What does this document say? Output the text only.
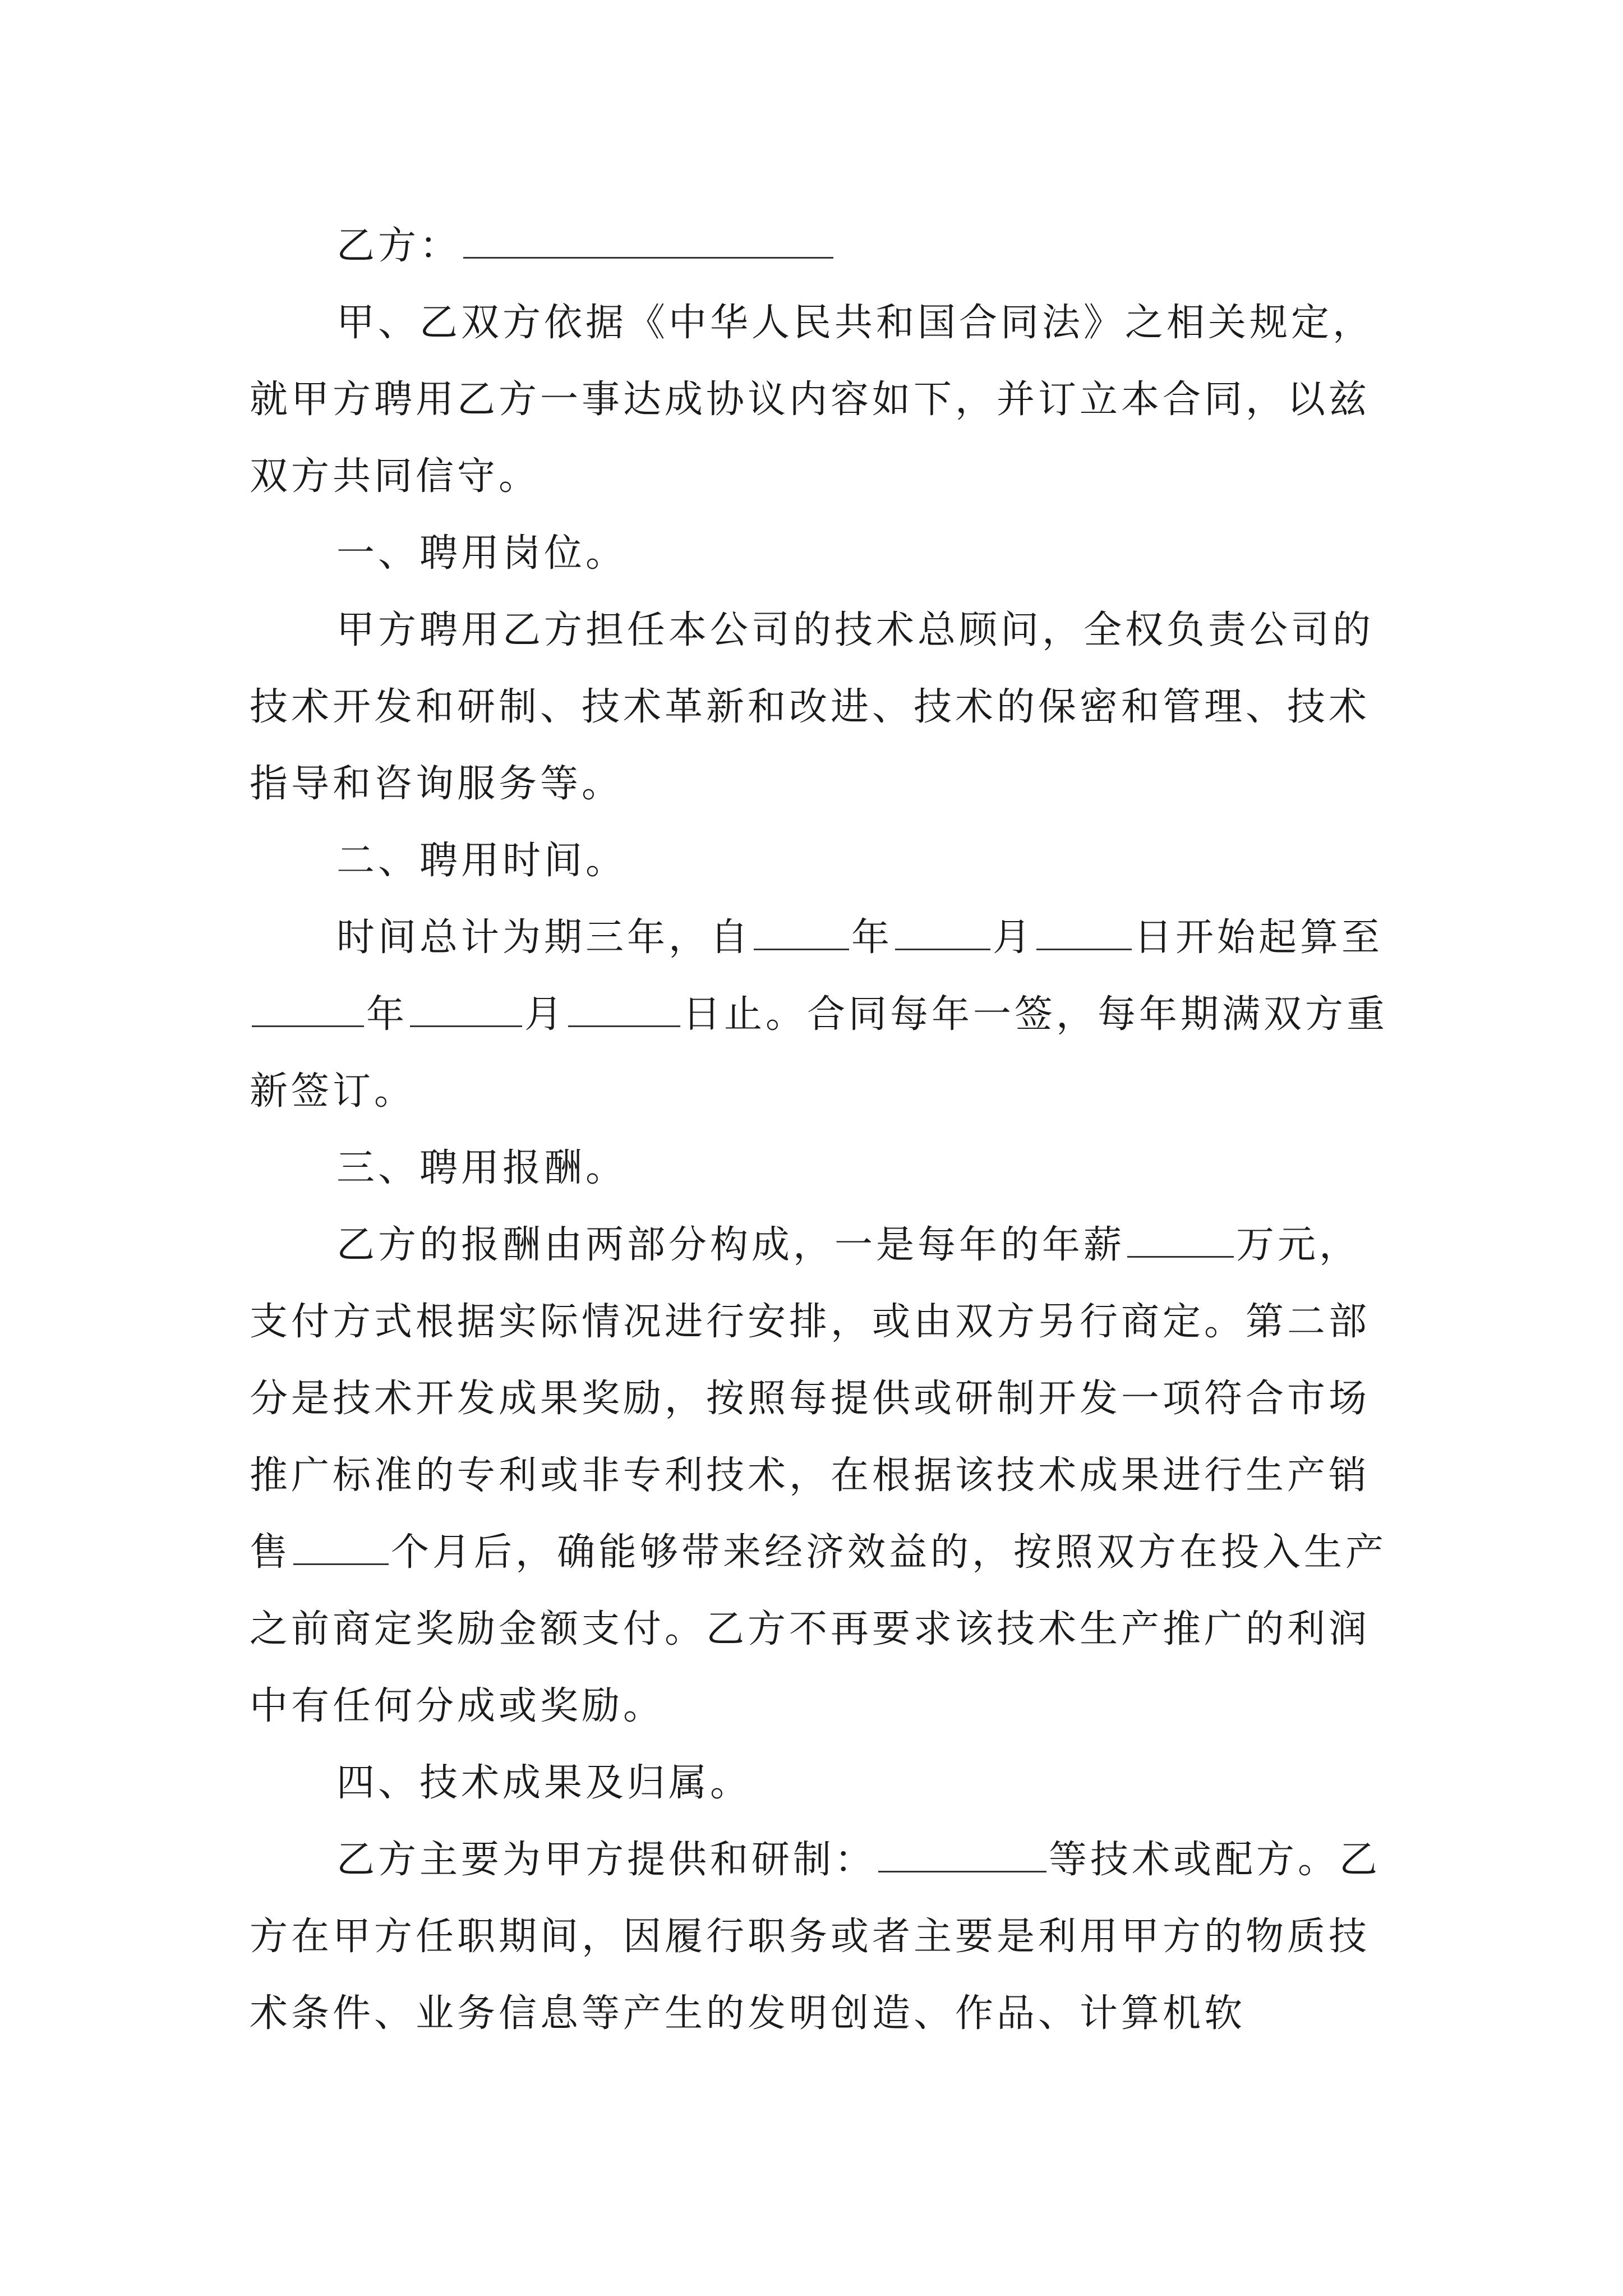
乙方：

甲、乙双方依据《中华人民共和国合同法》之相关规定，就甲方聘用乙方一事达成协议内容如下，并订立本合同，以兹双方共同信守。

一、聘用岗位。

甲方聘用乙方担任本公司的技术总顾问，全权负责公司的技术开发和研制、技术革新和改进、技术的保密和管理、技术指导和咨询服务等。

二、聘用时间。

时间总计为期三年，自	年	月	日开始起算至年	月	日止。合同每年一签，每年期满双方重新签订。

三、聘用报酬。

乙方的报酬由两部分构成，一是每年的年薪	万元，支付方式根据实际情况进行安排，或由双方另行商定。第二部分是技术开发成果奖励，按照每提供或研制开发一项符合市场推广标准的专利或非专利技术，在根据该技术成果进行生产销售	个月后，确能够带来经济效益的，按照双方在投入生产之前商定奖励金额支付。乙方不再要求该技术生产推广的利润中有任何分成或奖励。

四、技术成果及归属。

乙方主要为甲方提供和研制：	等技术或配方。乙方在甲方任职期间，因履行职务或者主要是利用甲方的物质技术条件、业务信息等产生的发明创造、作品、计算机软
